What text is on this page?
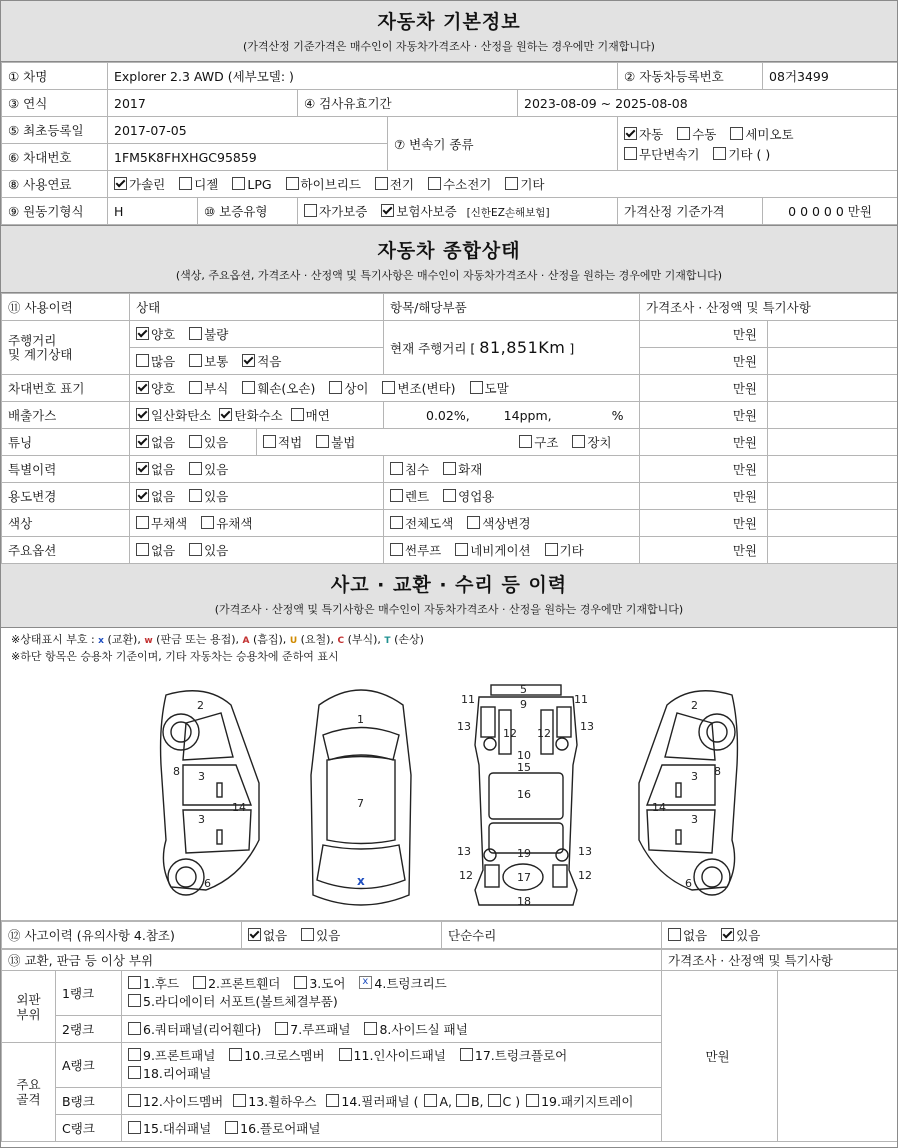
자동차 기본정보
(가격산정 기준가격은 매수인이 자동차가격조사 · 산정을 원하는 경우에만 기재합니다)
① 차명	Explorer 2.3 AWD (세부모델: )					② 자동차등록번호	08거3499
③ 연식	2017		④ 검사유효기간		2023-08-09 ~ 2025-08-08		
⑤ 최초등록일	2017-07-05			⑦ 변속기 종류		자동 수동 세미오토
무단변속기 기타 ( )	
⑥ 차대번호	1FM5K8FHXHGC95859						
⑧ 사용연료	가솔린 디젤 LPG 하이브리드 전기 수소전기 기타						
⑨ 원동기형식	H	⑩ 보증유형	자가보증 보험사보증 [신한EZ손해보험]			가격산정 기준가격	0 0 0 0 0 만원
자동차 종합상태
(색상, 주요옵션, 가격조사 · 산정액 및 특기사항은 매수인이 자동차가격조사 · 산정을 원하는 경우에만 기재합니다)
⑪ 사용이력	상태		항목/해당부품	가격조사 · 산정액 및 특기사항	
주행거리
및 계기상태	양호 불량		현재 주행거리 [ 81,851Km ]	만원	
	많음 보통 적음			만원	
차대번호 표기	양호 부식 훼손(오손) 상이 변조(변타) 도말			만원	
배출가스	일산화탄소 탄화수소 매연		0.02%, 14ppm, %	만원	
튜닝	없음 있음	적법 불법 구조 장치		만원	
특별이력	없음 있음		침수 화재	만원	
용도변경	없음 있음		렌트 영업용	만원	
색상	무채색 유채색		전체도색 색상변경	만원	
주요옵션	없음 있음		썬루프 네비게이션 기타	만원	
사고 · 교환 · 수리 등 이력
(가격조사 · 산정액 및 특기사항은 매수인이 자동차가격조사 · 산정을 원하는 경우에만 기재합니다)
※상태표시 부호 : x (교환), w (판금 또는 용접), A (흠집), U (요철), C (부식), T (손상)
※하단 항목은 승용차 기준이며, 기타 자동차는 승용차에 준하여 표시
2
3
3
8
14
6
1
7
5
9
11	11
13	13
12 12
10
15
16
13	13
19
12	12
17
18
2
3
3
8
14
6
x
⑫ 사고이력 (유의사항 4.참조)	없음 있음	단순수리	없음 있음
⑬ 교환, 판금 등 이상 부위			가격조사 · 산정액 및 특기사항	
외판
부위	1랭크	1.후드 2.프론트휀더 3.도어 x 4.트렁크리드
5.라디에이터 서포트(볼트체결부품)	만원	
	2랭크	6.쿼터패널(리어휀다) 7.루프패널 8.사이드실 패널		
주요
골격	A랭크	9.프론트패널 10.크로스멤버 11.인사이드패널 17.트렁크플로어
18.리어패널		
	B랭크	12.사이드멤버 13.휠하우스 14.필러패널 ( A, B, C ) 19.패키지트레이		
	C랭크	15.대쉬패널 16.플로어패널		
